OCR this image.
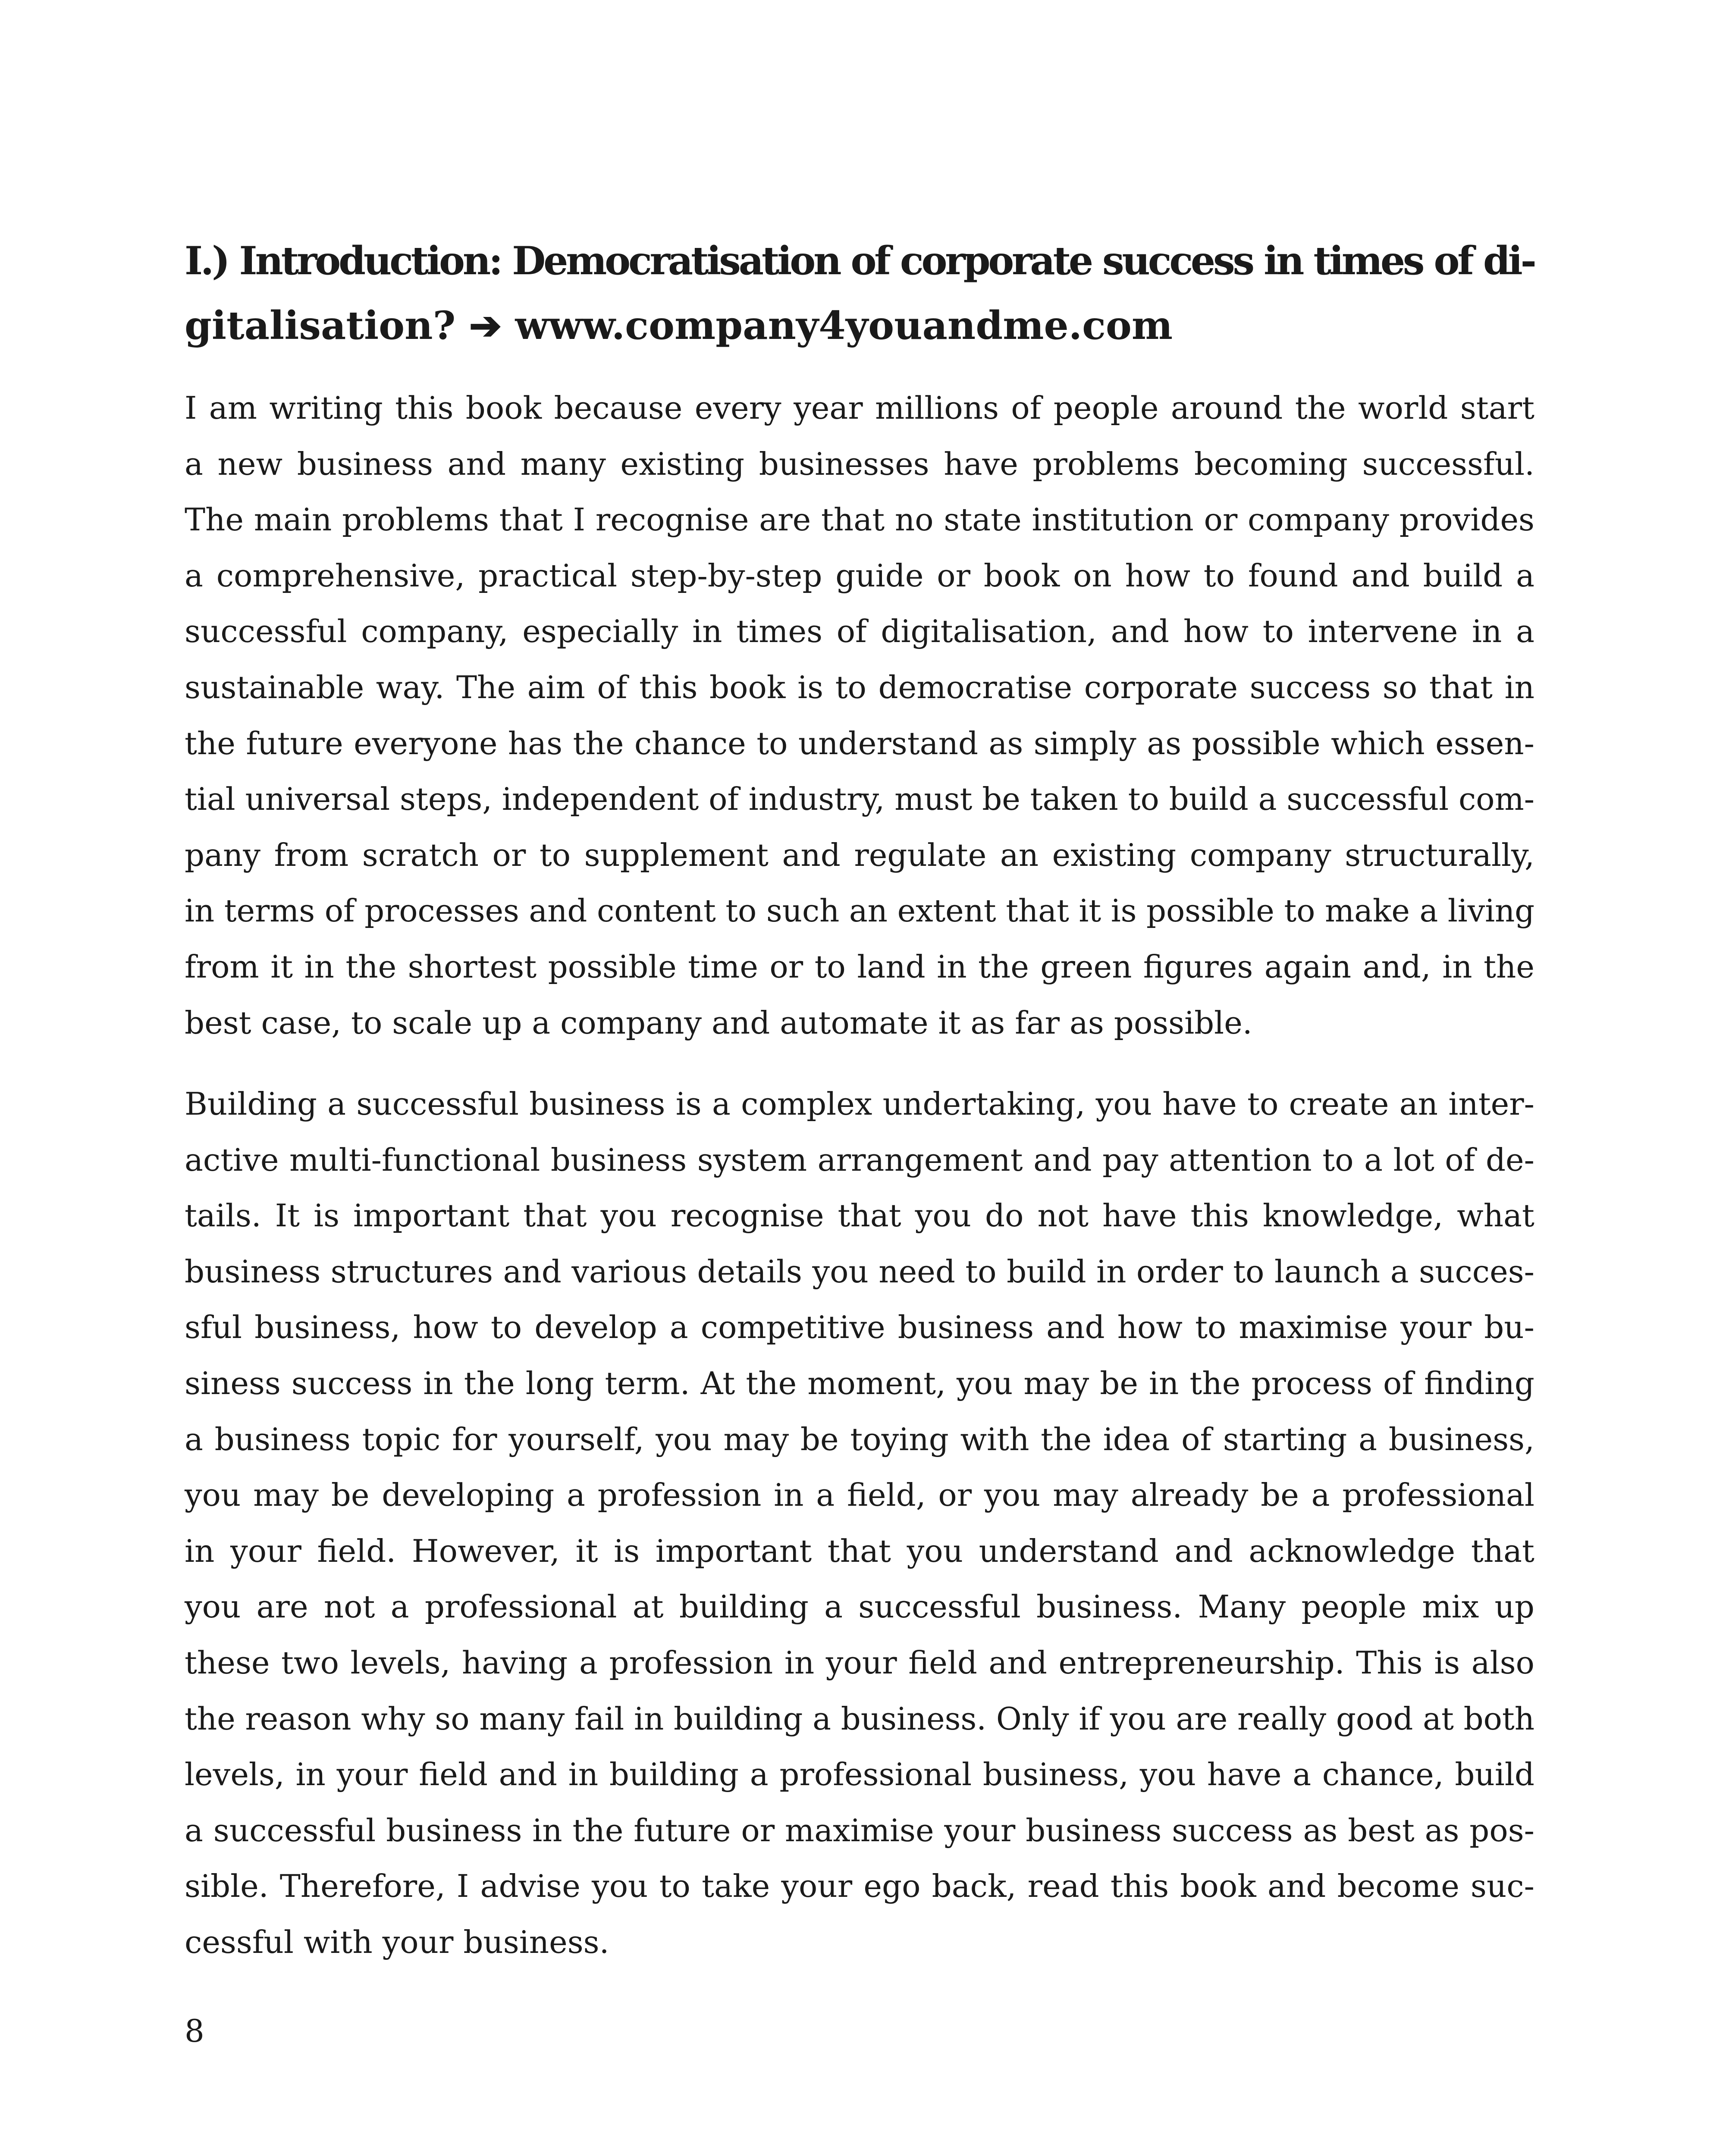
I.) Introduction: Democratisation of corporate success in times of di-
gitalisation? ➔ www.company4youandme.com
I am writing this book because every year millions of people around the world start
a new business and many existing businesses have problems becoming successful.
The main problems that I recognise are that no state institution or company provides
a comprehensive, practical step-by-step guide or book on how to found and build a
successful company, especially in times of digitalisation, and how to intervene in a
sustainable way. The aim of this book is to democratise corporate success so that in
the future everyone has the chance to understand as simply as possible which essen-
tial universal steps, independent of industry, must be taken to build a successful com-
pany from scratch or to supplement and regulate an existing company structurally,
in terms of processes and content to such an extent that it is possible to make a living
from it in the shortest possible time or to land in the green figures again and, in the
best case, to scale up a company and automate it as far as possible.
Building a successful business is a complex undertaking, you have to create an inter-
active multi-functional business system arrangement and pay attention to a lot of de-
tails. It is important that you recognise that you do not have this knowledge, what
business structures and various details you need to build in order to launch a succes-
sful business, how to develop a competitive business and how to maximise your bu-
siness success in the long term. At the moment, you may be in the process of finding
a business topic for yourself, you may be toying with the idea of starting a business,
you may be developing a profession in a field, or you may already be a professional
in your field. However, it is important that you understand and acknowledge that
you are not a professional at building a successful business. Many people mix up
these two levels, having a profession in your field and entrepreneurship. This is also
the reason why so many fail in building a business. Only if you are really good at both
levels, in your field and in building a professional business, you have a chance, build
a successful business in the future or maximise your business success as best as pos-
sible. Therefore, I advise you to take your ego back, read this book and become suc-
cessful with your business.
8
